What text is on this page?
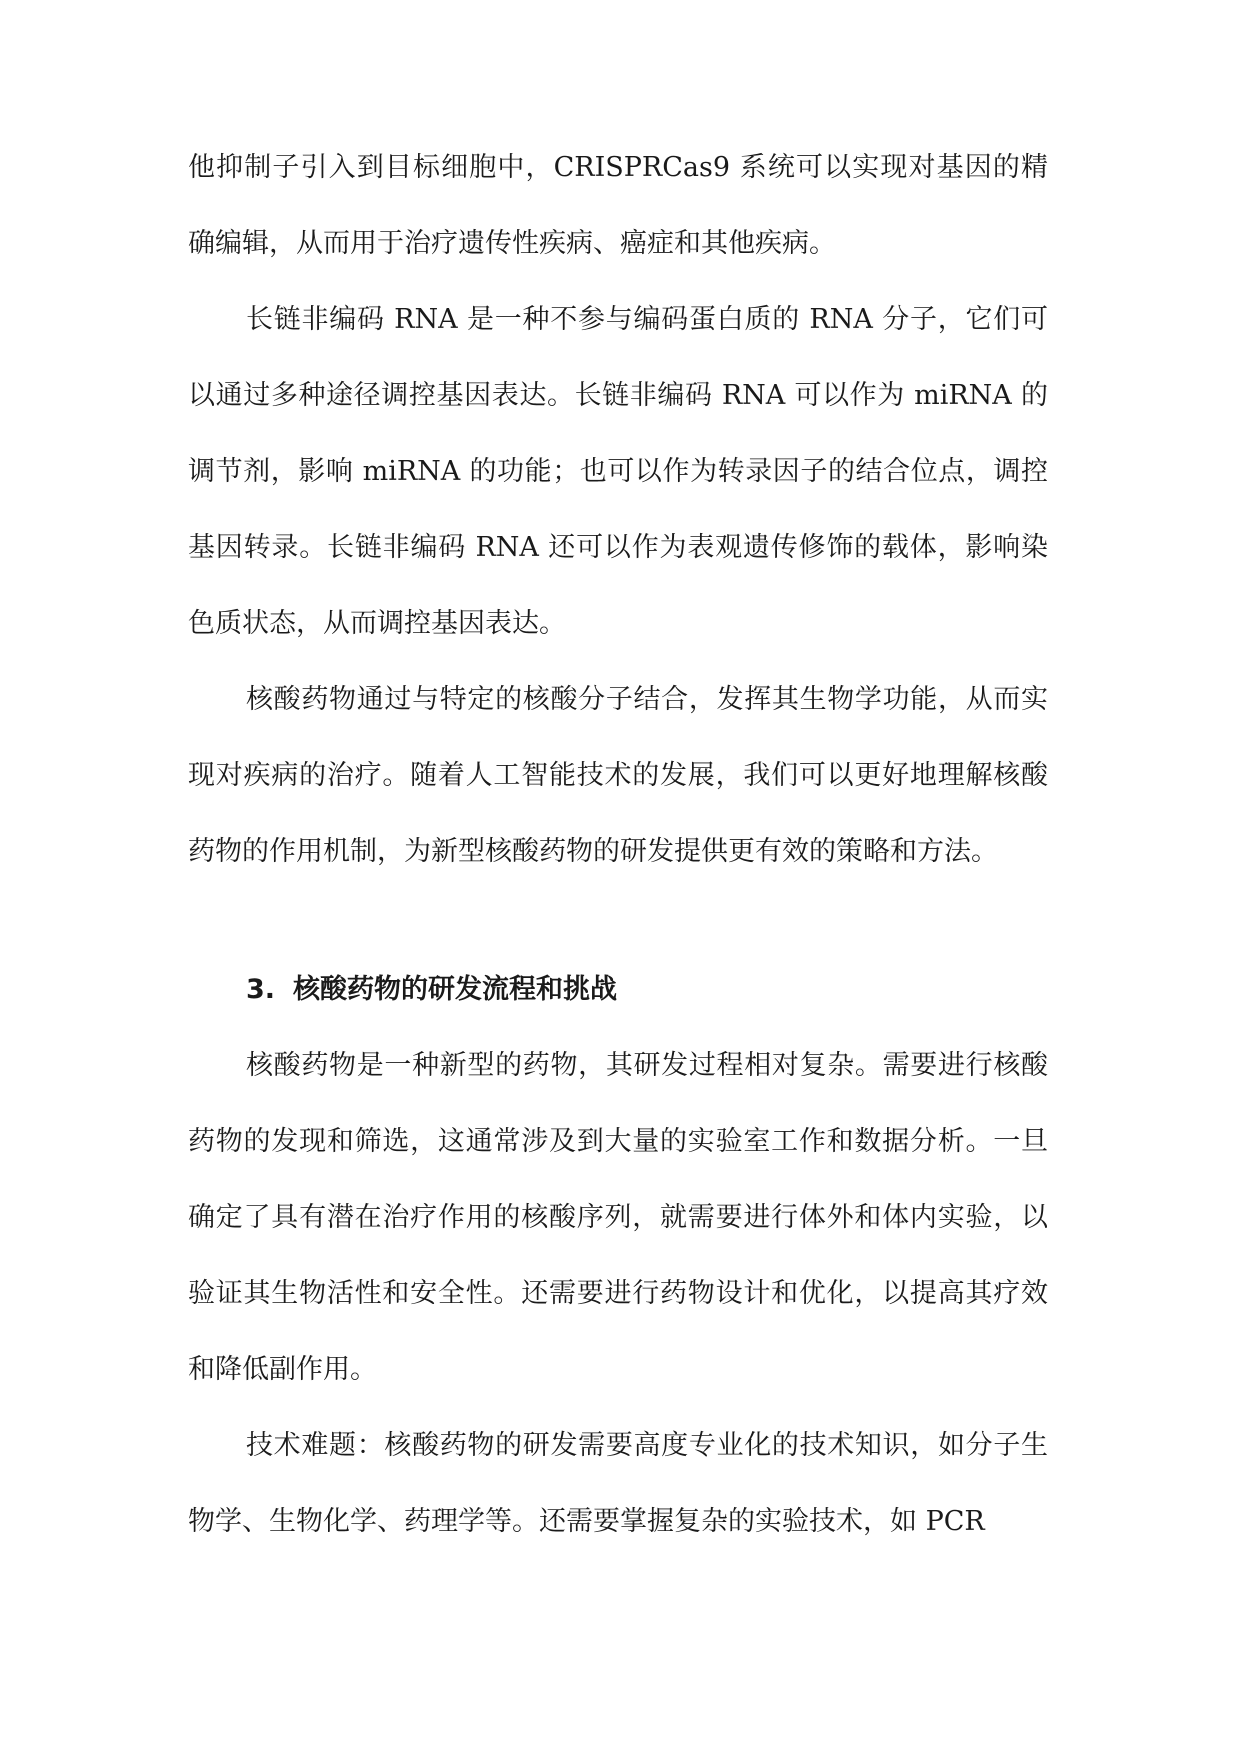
他抑制子引入到目标细胞中，CRISPRCas9 系统可以实现对基因的精确编辑，从而用于治疗遗传性疾病、癌症和其他疾病。

长链非编码 RNA 是一种不参与编码蛋白质的 RNA 分子，它们可以通过多种途径调控基因表达。长链非编码 RNA 可以作为 miRNA 的调节剂，影响 miRNA 的功能；也可以作为转录因子的结合位点，调控基因转录。长链非编码 RNA 还可以作为表观遗传修饰的载体，影响染色质状态，从而调控基因表达。

核酸药物通过与特定的核酸分子结合，发挥其生物学功能，从而实现对疾病的治疗。随着人工智能技术的发展，我们可以更好地理解核酸药物的作用机制，为新型核酸药物的研发提供更有效的策略和方法。

3. 核酸药物的研发流程和挑战

核酸药物是一种新型的药物，其研发过程相对复杂。需要进行核酸药物的发现和筛选，这通常涉及到大量的实验室工作和数据分析。一旦确定了具有潜在治疗作用的核酸序列，就需要进行体外和体内实验，以验证其生物活性和安全性。还需要进行药物设计和优化，以提高其疗效和降低副作用。

技术难题：核酸药物的研发需要高度专业化的技术知识，如分子生物学、生物化学、药理学等。还需要掌握复杂的实验技术，如 PCR
